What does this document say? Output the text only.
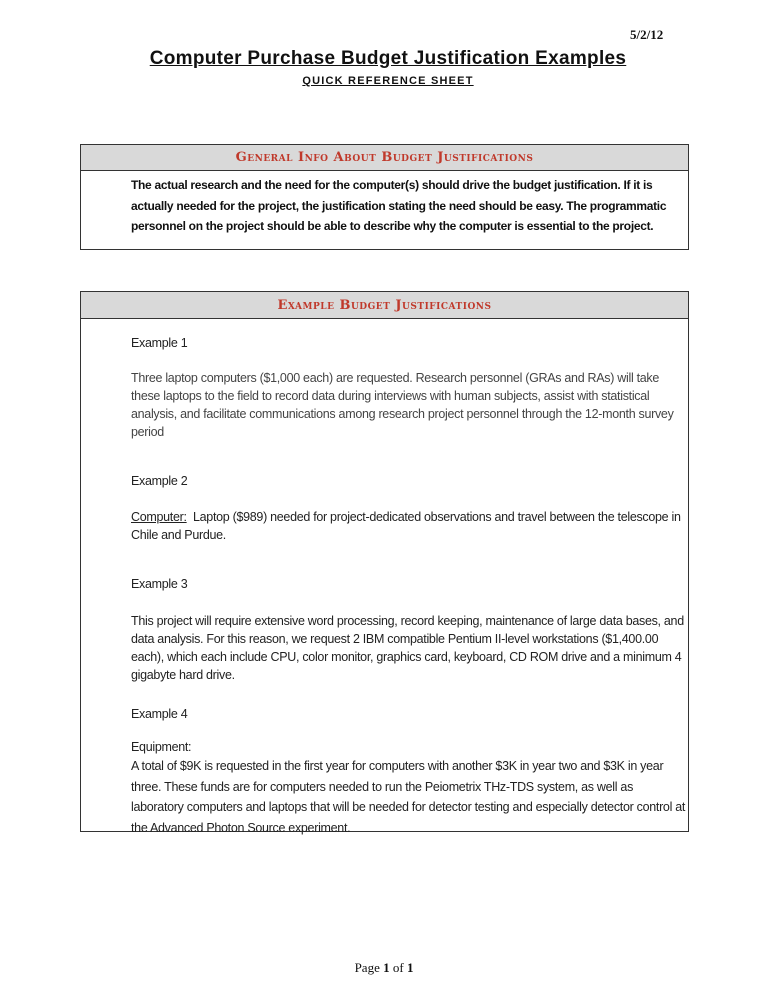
5/2/12
Computer Purchase Budget Justification Examples
QUICK REFERENCE SHEET
General Info About Budget Justifications
The actual research and the need for the computer(s) should drive the budget justification. If it is actually needed for the project, the justification stating the need should be easy. The programmatic personnel on the project should be able to describe why the computer is essential to the project.
Example Budget Justifications
Example 1
Three laptop computers ($1,000 each) are requested. Research personnel (GRAs and RAs) will take these laptops to the field to record data during interviews with human subjects, assist with statistical analysis, and facilitate communications among research project personnel through the 12-month survey period
Example 2
Computer:  Laptop ($989) needed for project-dedicated observations and travel between the telescope in Chile and Purdue.
Example 3
This project will require extensive word processing, record keeping, maintenance of large data bases, and data analysis. For this reason, we request 2 IBM compatible Pentium II-level workstations ($1,400.00 each), which each include CPU, color monitor, graphics card, keyboard, CD ROM drive and a minimum 4 gigabyte hard drive.
Example 4
Equipment:
A total of $9K is requested in the first year for computers with another $3K in year two and $3K in year three. These funds are for computers needed to run the Peiometrix THz-TDS system, as well as laboratory computers and laptops that will be needed for detector testing and especially detector control at the Advanced Photon Source experiment.
Page 1 of 1
